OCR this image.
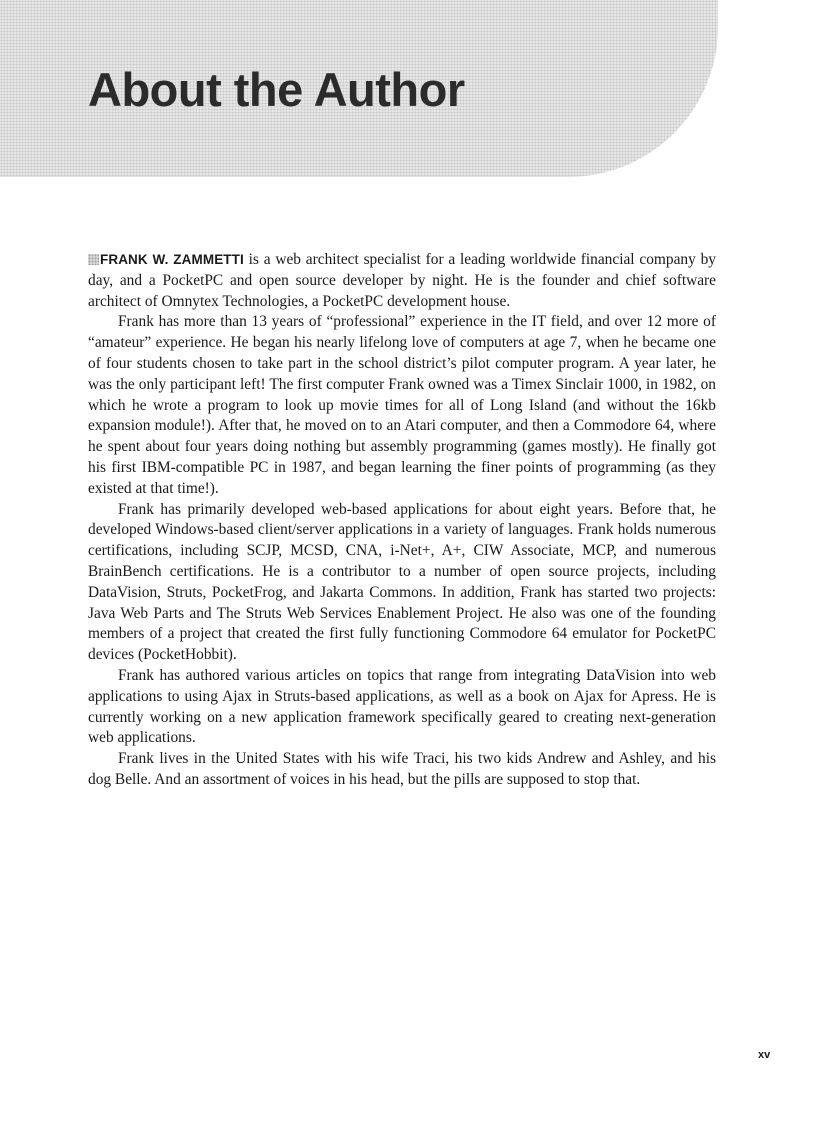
About the Author

FRANK W. ZAMMETTI is a web architect specialist for a leading worldwide financial company by day, and a PocketPC and open source developer by night. He is the founder and chief software architect of Omnytex Technologies, a PocketPC development house.

Frank has more than 13 years of “professional” experience in the IT field, and over 12 more of “amateur” experience. He began his nearly lifelong love of computers at age 7, when he became one of four students chosen to take part in the school district’s pilot computer program. A year later, he was the only participant left! The first computer Frank owned was a Timex Sinclair 1000, in 1982, on which he wrote a program to look up movie times for all of Long Island (and without the 16kb expansion module!). After that, he moved on to an Atari computer, and then a Commodore 64, where he spent about four years doing nothing but assembly programming (games mostly). He finally got his first IBM-compatible PC in 1987, and began learning the finer points of programming (as they existed at that time!).

Frank has primarily developed web-based applications for about eight years. Before that, he developed Windows-based client/server applications in a variety of languages. Frank holds numerous certifications, including SCJP, MCSD, CNA, i-Net+, A+, CIW Associate, MCP, and numerous BrainBench certifications. He is a contributor to a number of open source projects, including DataVision, Struts, PocketFrog, and Jakarta Commons. In addition, Frank has started two projects: Java Web Parts and The Struts Web Services Enablement Project. He also was one of the founding members of a project that created the first fully functioning Commodore 64 emulator for PocketPC devices (PocketHobbit).

Frank has authored various articles on topics that range from integrating DataVision into web applications to using Ajax in Struts-based applications, as well as a book on Ajax for Apress. He is currently working on a new application framework specifically geared to creating next-generation web applications.

Frank lives in the United States with his wife Traci, his two kids Andrew and Ashley, and his dog Belle. And an assortment of voices in his head, but the pills are supposed to stop that.

xv
